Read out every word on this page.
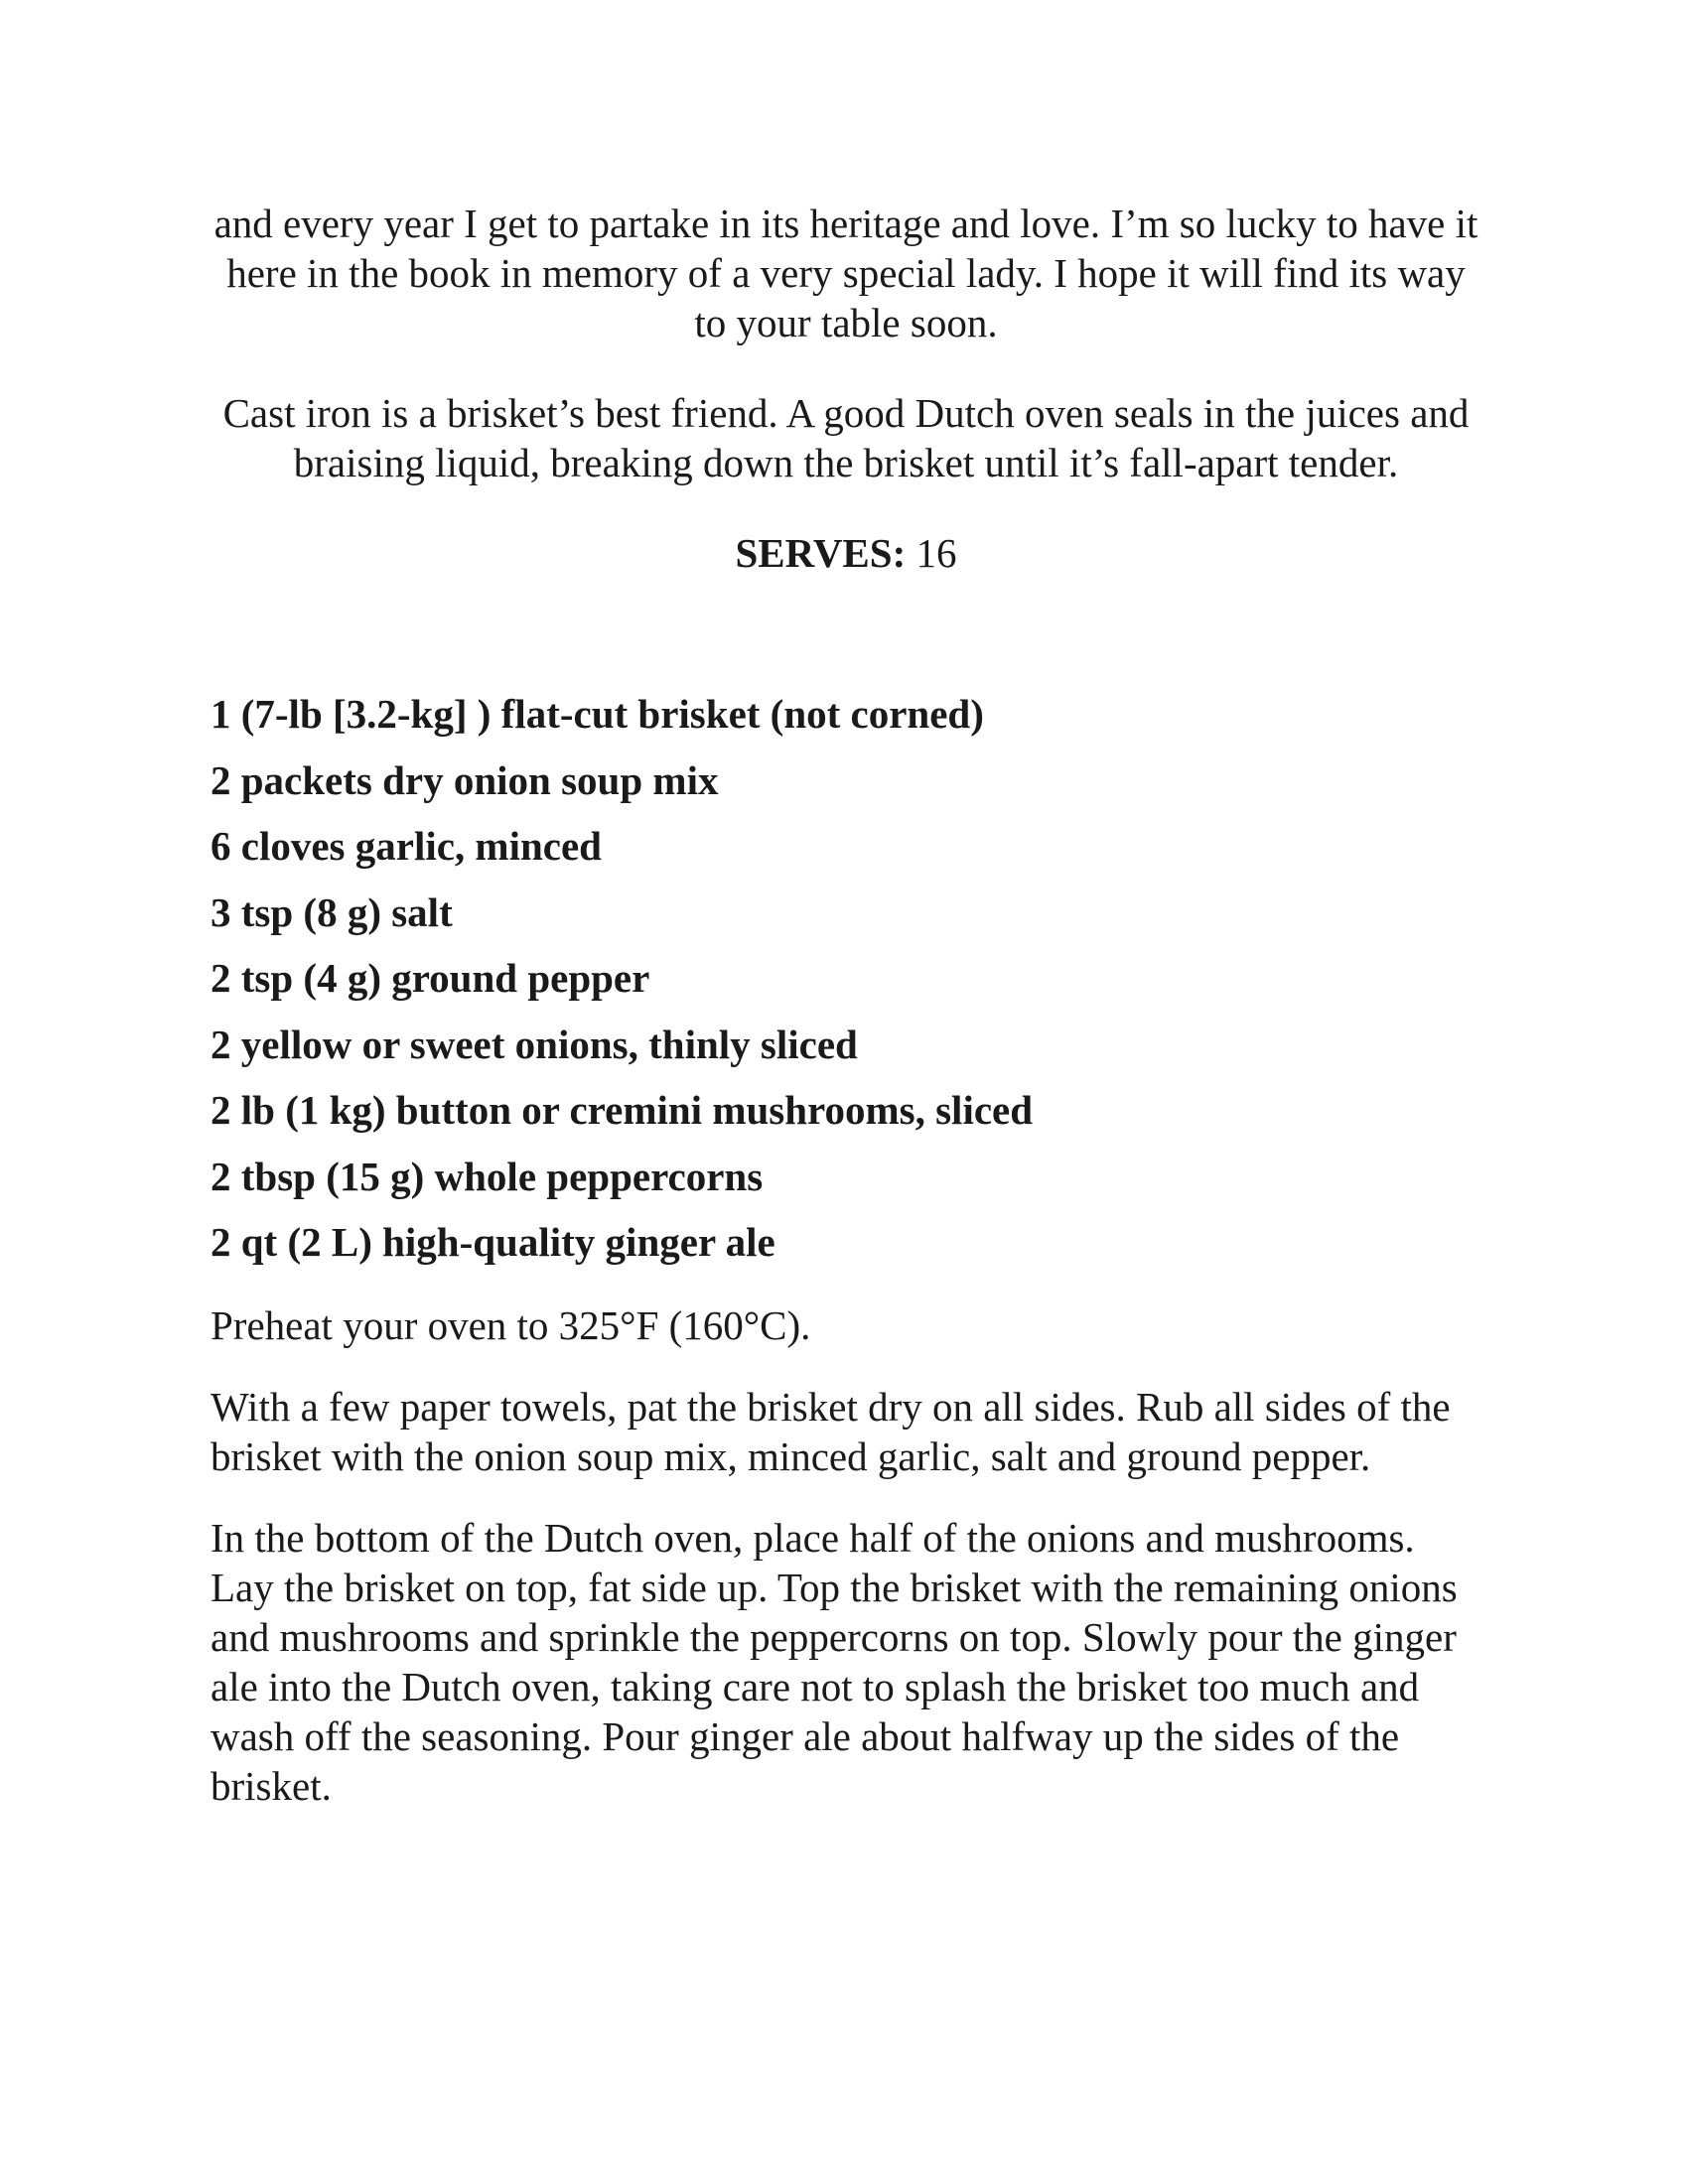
and every year I get to partake in its heritage and love. I’m so lucky to have it here in the book in memory of a very special lady. I hope it will find its way to your table soon.

Cast iron is a brisket’s best friend. A good Dutch oven seals in the juices and braising liquid, breaking down the brisket until it’s fall-apart tender.

SERVES: 16

1 (7-lb [3.2-kg] ) flat-cut brisket (not corned)
2 packets dry onion soup mix
6 cloves garlic, minced
3 tsp (8 g) salt
2 tsp (4 g) ground pepper
2 yellow or sweet onions, thinly sliced
2 lb (1 kg) button or cremini mushrooms, sliced
2 tbsp (15 g) whole peppercorns
2 qt (2 L) high-quality ginger ale

Preheat your oven to 325°F (160°C).

With a few paper towels, pat the brisket dry on all sides. Rub all sides of the brisket with the onion soup mix, minced garlic, salt and ground pepper.

In the bottom of the Dutch oven, place half of the onions and mushrooms. Lay the brisket on top, fat side up. Top the brisket with the remaining onions and mushrooms and sprinkle the peppercorns on top. Slowly pour the ginger ale into the Dutch oven, taking care not to splash the brisket too much and wash off the seasoning. Pour ginger ale about halfway up the sides of the brisket.
